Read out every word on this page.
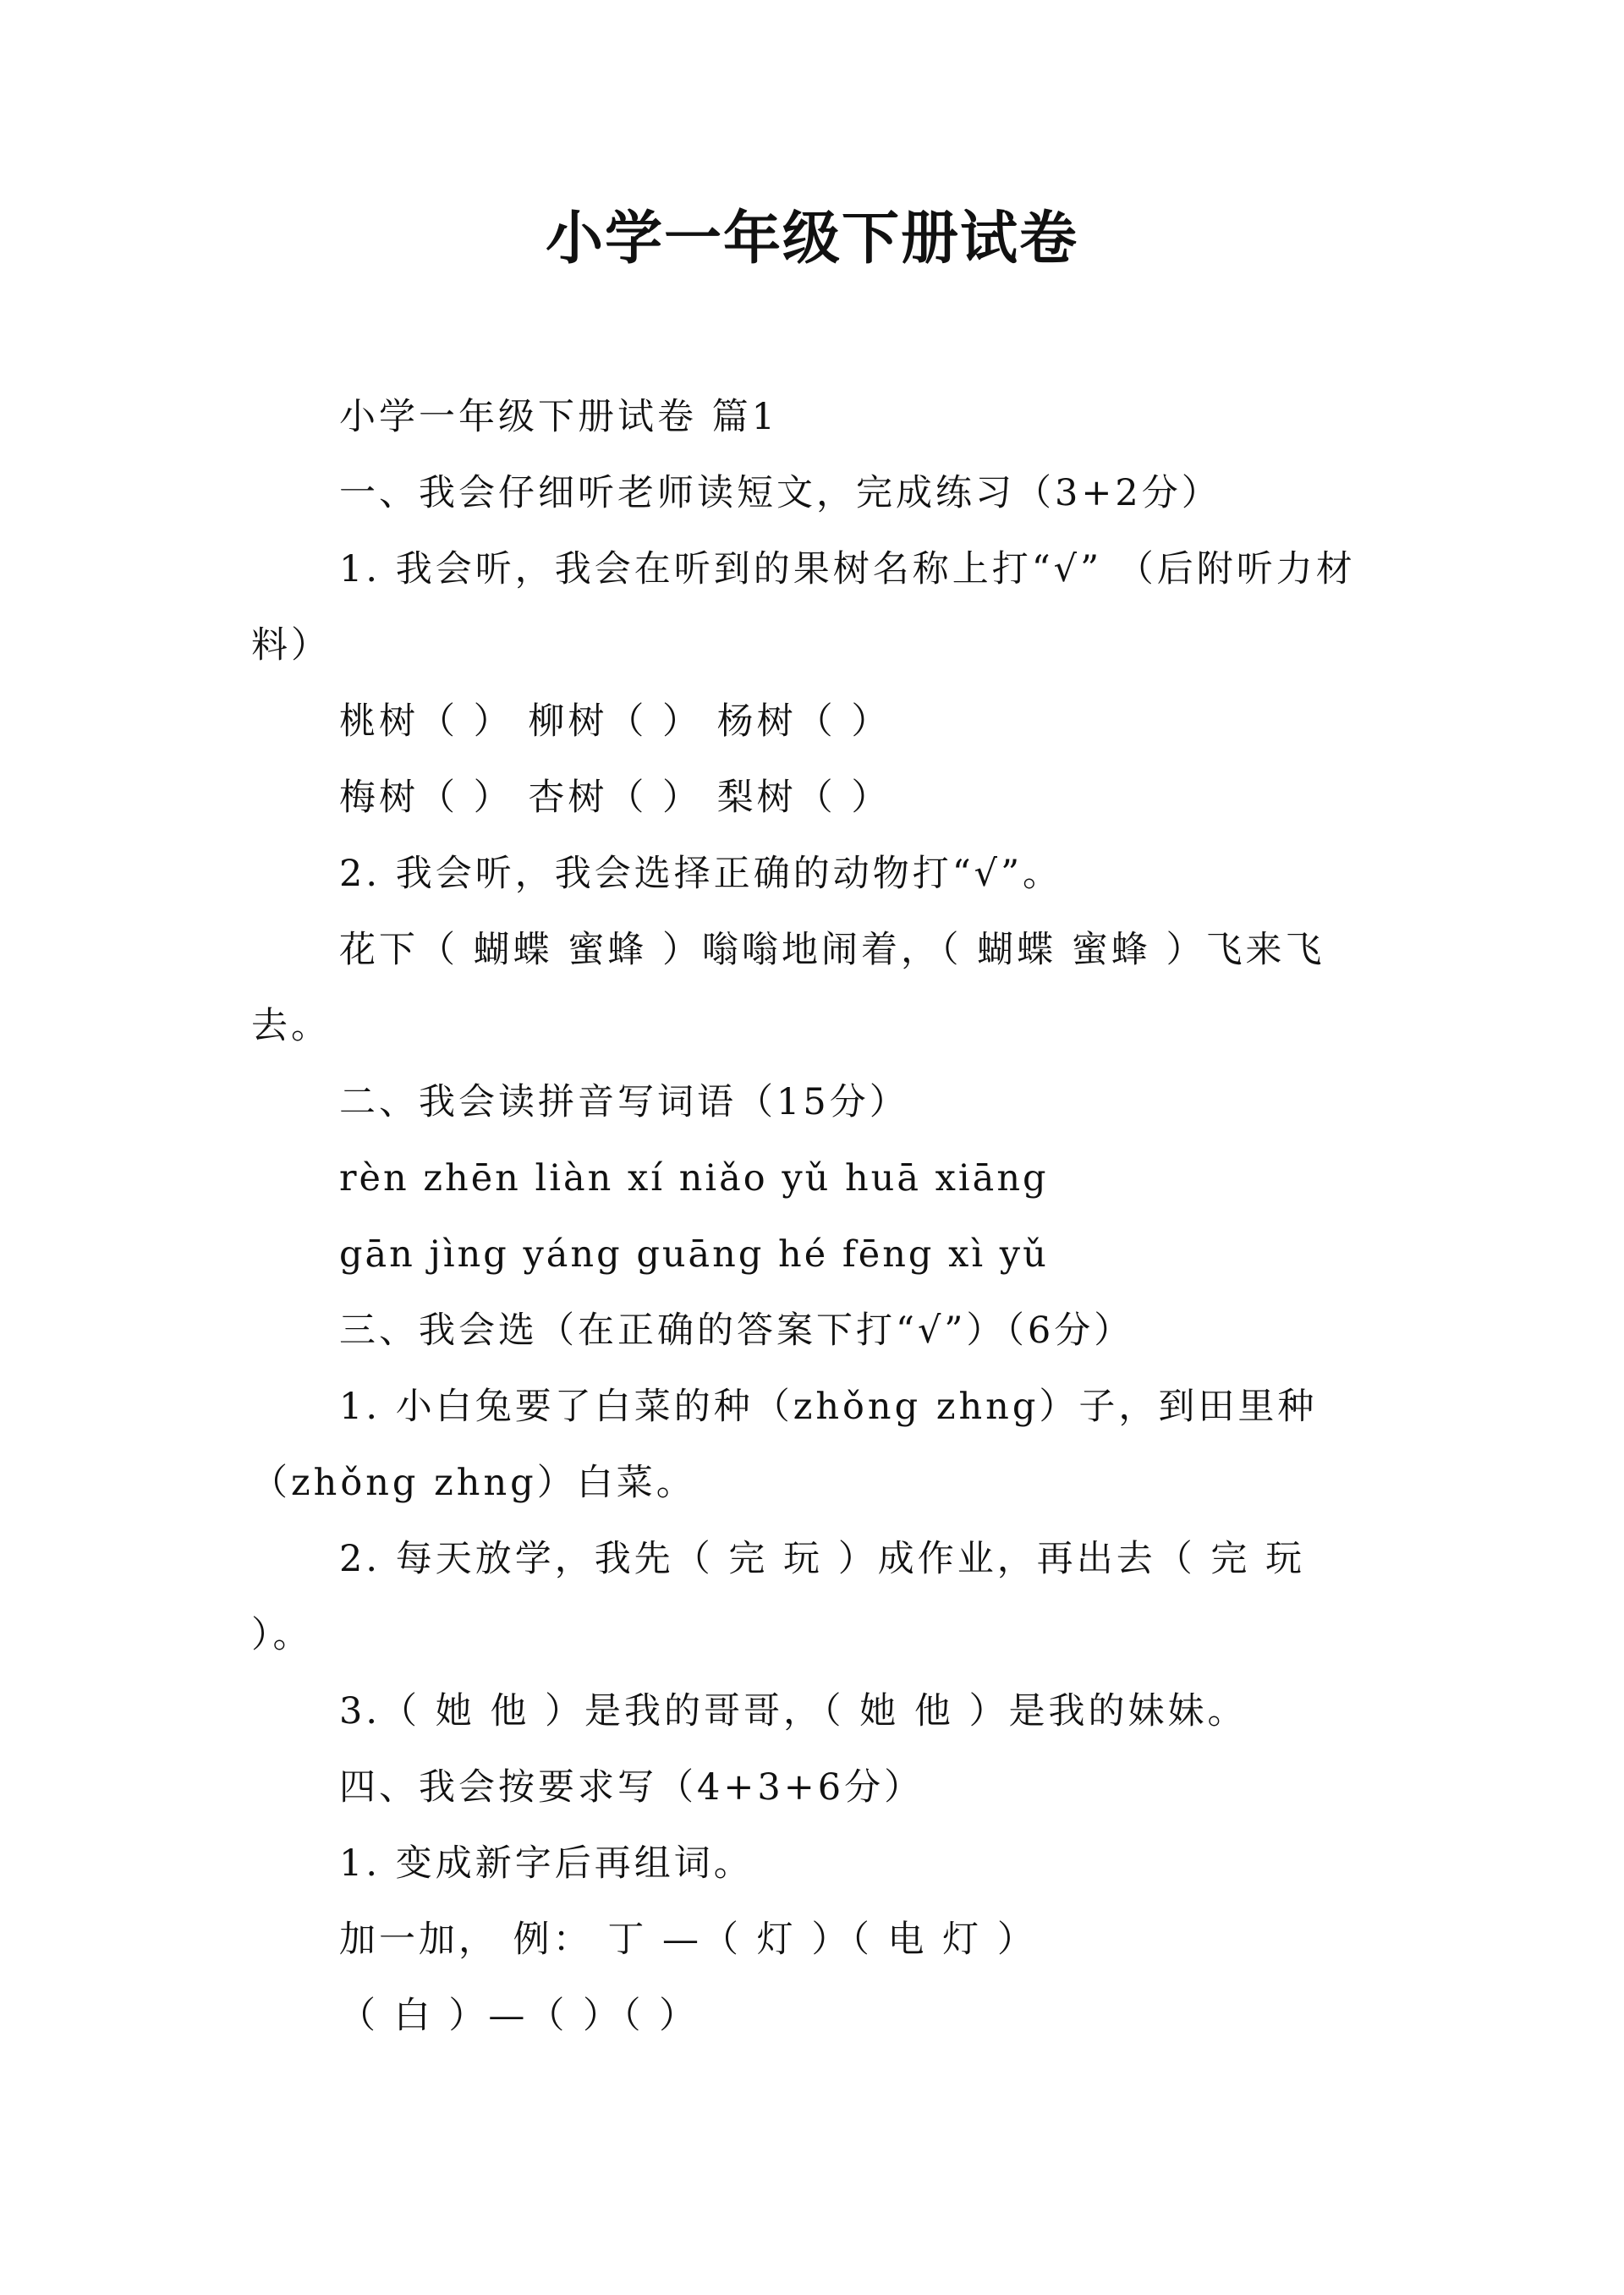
小学一年级下册试卷

小学一年级下册试卷 篇1

一、我会仔细听老师读短文，完成练习（3+2分）

1. 我会听，我会在听到的果树名称上打“√” （后附听力材料）

桃树（ ） 柳树（ ） 杨树（ ）

梅树（ ） 杏树（ ） 梨树（ ）

2. 我会听，我会选择正确的动物打“√”。

花下（ 蝴蝶 蜜蜂 ）嗡嗡地闹着，（ 蝴蝶 蜜蜂 ）飞来飞去。

二、我会读拼音写词语（15分）

rèn zhēn liàn xí niǎo yǔ huā xiāng

gān jìng yáng guāng hé fēng xì yǔ

三、我会选（在正确的答案下打“√”）（6分）

1. 小白兔要了白菜的种（zhǒng zhng）子，到田里种（zhǒng zhng）白菜。

2. 每天放学，我先（ 完 玩 ）成作业，再出去（ 完 玩 ）。

3.（ 她 他 ）是我的哥哥，（ 她 他 ）是我的妹妹。

四、我会按要求写（4+3+6分）

1. 变成新字后再组词。

加一加， 例： 丁 —（ 灯 ）（ 电 灯 ）

（ 白 ）—（ ）（ ）
